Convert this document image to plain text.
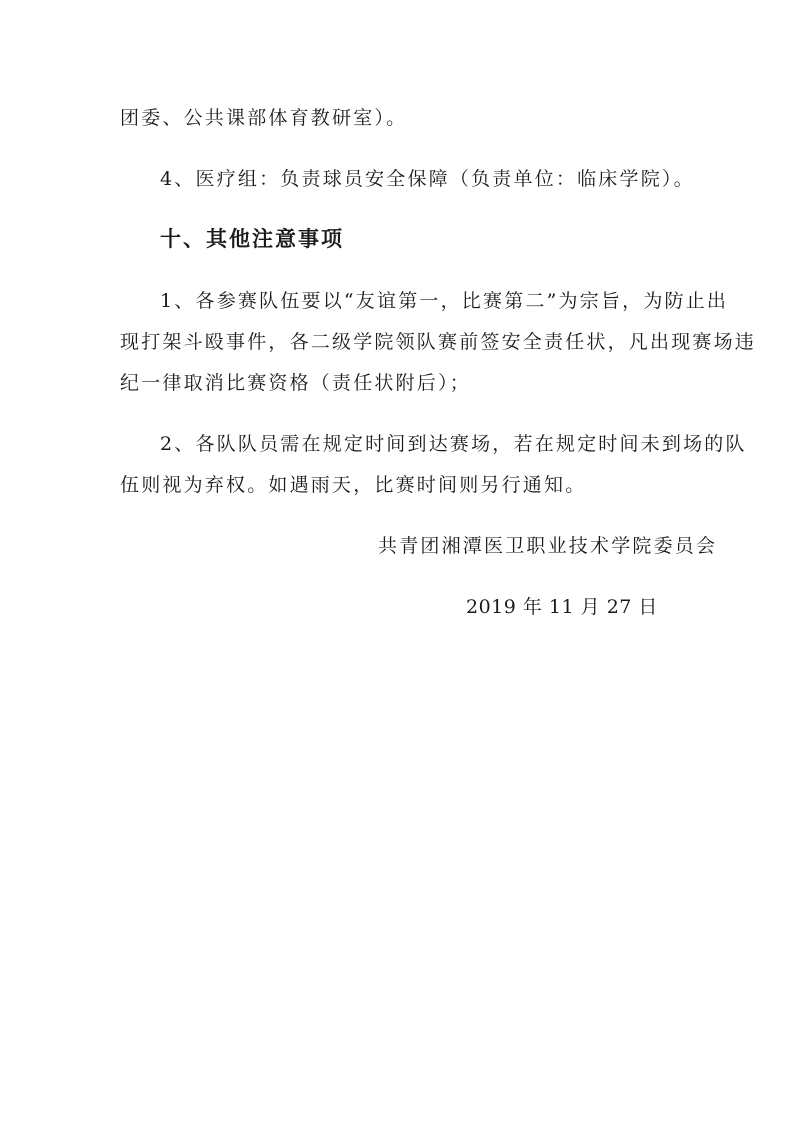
团委、公共课部体育教研室）。
4、医疗组：负责球员安全保障（负责单位：临床学院）。
十、其他注意事项
1、各参赛队伍要以“友谊第一，比赛第二”为宗旨，为防止出
现打架斗殴事件，各二级学院领队赛前签安全责任状，凡出现赛场违
纪一律取消比赛资格（责任状附后）；
2、各队队员需在规定时间到达赛场，若在规定时间未到场的队
伍则视为弃权。如遇雨天，比赛时间则另行通知。
共青团湘潭医卫职业技术学院委员会
2019 年 11 月 27 日
